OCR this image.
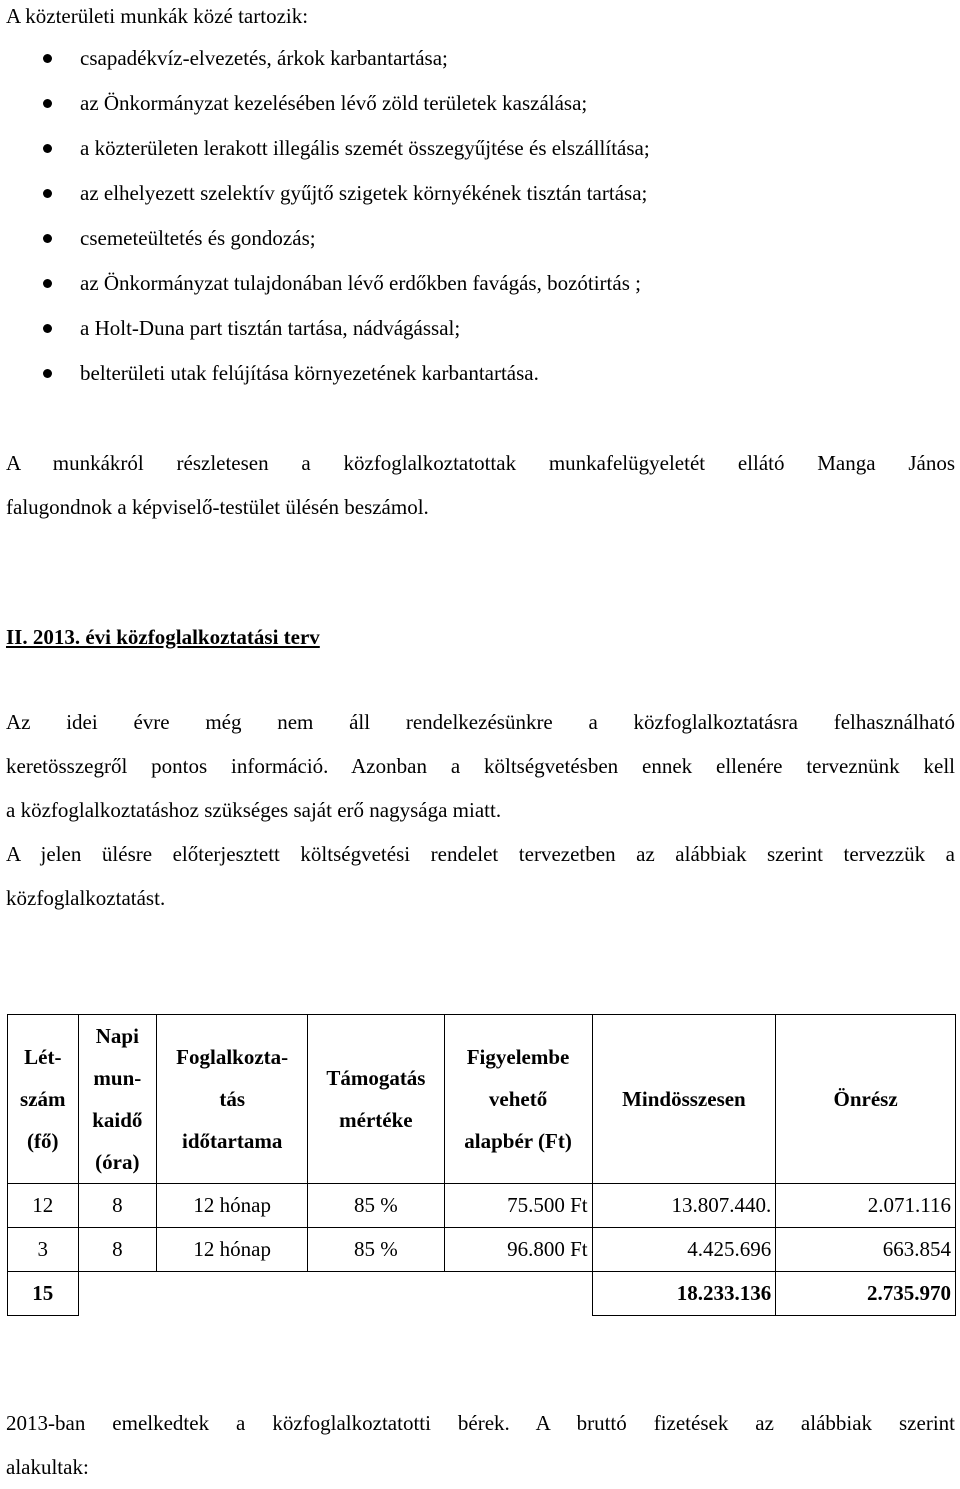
A közterületi munkák közé tartozik:

csapadékvíz-elvezetés, árkok karbantartása;
az Önkormányzat kezelésében lévő zöld területek kaszálása;
a közterületen lerakott illegális szemét összegyűjtése és elszállítása;
az elhelyezett szelektív gyűjtő szigetek környékének tisztán tartása;
csemeteültetés és gondozás;
az Önkormányzat tulajdonában lévő erdőkben favágás, bozótirtás ;
a Holt-Duna part tisztán tartása, nádvágással;
belterületi utak felújítása környezetének karbantartása.
A munkákról részletesen a közfoglalkoztatottak munkafelügyeletét ellátó Manga János
falugondnok a képviselő-testület ülésén beszámol.

II. 2013. évi közfoglalkoztatási terv

Az idei évre még nem áll rendelkezésünkre a közfoglalkoztatásra felhasználható
keretösszegről pontos információ. Azonban a költségvetésben ennek ellenére terveznünk kell
a közfoglalkoztatáshoz szükséges saját erő nagysága miatt.
A jelen ülésre előterjesztett költségvetési rendelet tervezetben az alábbiak szerint tervezzük a
közfoglalkoztatást.
Lét-
szám
(fő)	Napi
mun-
kaidő
(óra)	Foglalkozta-
tás
időtartama	Támogatás
mértéke	Figyelembe
vehető
alapbér (Ft)	Mindösszesen	Önrész
12	8	12 hónap	85 %	75.500 Ft	13.807.440.	2.071.116
3	8	12 hónap	85 %	96.800 Ft	4.425.696	663.854
15					18.233.136	2.735.970
2013-ban emelkedtek a közfoglalkoztatotti bérek. A bruttó fizetések az alábbiak szerint
alakultak:
